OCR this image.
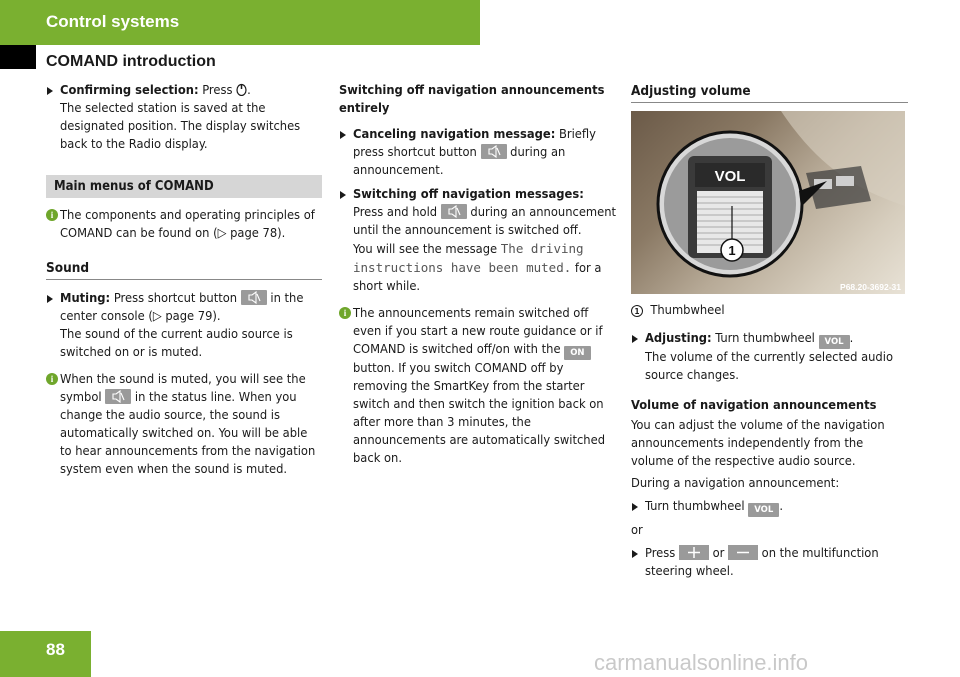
Control systems
COMAND introduction
Confirming selection: Press .
The selected station is saved at the designated position. The display switches back to the Radio display.
Main menus of COMAND
i The components and operating principles of COMAND can be found on (▷ page 78).
Sound
Muting: Press shortcut button	in the center console (▷ page 79).
The sound of the current audio source is switched on or is muted.
i When the sound is muted, you will see the symbol	in the status line. When you change the audio source, the sound is automatically switched on. You will be able to hear announcements from the navigation system even when the sound is muted.
Switching off navigation announcements entirely
Canceling navigation message: Briefly press shortcut button	during an announcement.
Switching off navigation messages:
Press and hold	during an announcement until the announcement is switched off.
You will see the message The driving instructions have been muted. for a short while.
i The announcements remain switched off even if you start a new route guidance or if COMAND is switched off/on with the ON button. If you switch COMAND off by removing the SmartKey from the starter switch and then switch the ignition back on after more than 3 minutes, the announcements are automatically switched back on.
Adjusting volume
VOL
1
P68.20-3692-31
1 Thumbwheel
Adjusting: Turn thumbwheel VOL .
The volume of the currently selected audio source changes.
Volume of navigation announcements
You can adjust the volume of the navigation announcements independently from the volume of the respective audio source.
During a navigation announcement:
Turn thumbwheel VOL .
or
Press	or	on the multifunction steering wheel.
88
carmanualsonline.info
